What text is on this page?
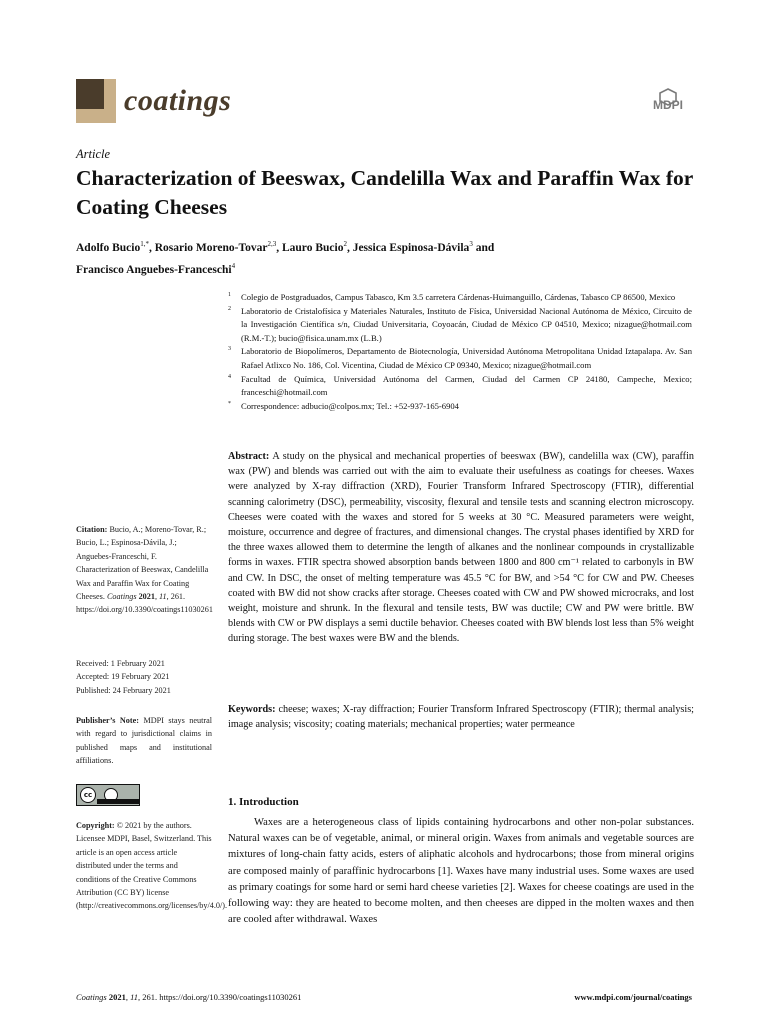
coatings	MDPI
Article
Characterization of Beeswax, Candelilla Wax and Paraffin Wax for Coating Cheeses
Adolfo Bucio$^{1,*}$, Rosario Moreno-Tovar$^{2,3}$, Lauro Bucio$^2$, Jessica Espinosa-Dávila$^3$ and
Francisco Anguebes-Franceschi$^4$
1 Colegio de Postgraduados, Campus Tabasco, Km 3.5 carretera Cárdenas-Huimanguillo, Cárdenas, Tabasco CP 86500, Mexico
2 Laboratorio de Cristalofísica y Materiales Naturales, Instituto de Física, Universidad Nacional Autónoma de México, Circuito de la Investigación Científica s/n, Ciudad Universitaria, Coyoacán, Ciudad de México CP 04510, Mexico; nizague@hotmail.com (R.M.-T.); bucio@fisica.unam.mx (L.B.)
3 Laboratorio de Biopolímeros, Departamento de Biotecnología, Universidad Autónoma Metropolitana Unidad Iztapalapa. Av. San Rafael Atlixco No. 186, Col. Vicentina, Ciudad de México CP 09340, Mexico; nizague@hotmail.com
4 Facultad de Química, Universidad Autónoma del Carmen, Ciudad del Carmen CP 24180, Campeche, Mexico; franceschi@hotmail.com
* Correspondence: adbucio@colpos.mx; Tel.: +52-937-165-6904
Abstract: A study on the physical and mechanical properties of beeswax (BW), candelilla wax (CW), paraffin wax (PW) and blends was carried out with the aim to evaluate their usefulness as coatings for cheeses. Waxes were analyzed by X-ray diffraction (XRD), Fourier Transform Infrared Spectroscopy (FTIR), differential scanning calorimetry (DSC), permeability, viscosity, flexural and tensile tests and scanning electron microscopy. Cheeses were coated with the waxes and stored for 5 weeks at 30 °C. Measured parameters were weight, moisture, occurrence and degree of fractures, and dimensional changes. The crystal phases identified by XRD for the three waxes allowed them to determine the length of alkanes and the nonlinear compounds in crystallizable forms in waxes. FTIR spectra showed absorption bands between 1800 and 800 cm⁻¹ related to carbonyls in BW and CW. In DSC, the onset of melting temperature was 45.5 °C for BW, and >54 °C for CW and PW. Cheeses coated with BW did not show cracks after storage. Cheeses coated with CW and PW showed microcraks, and lost weight, moisture and shrunk. In the flexural and tensile tests, BW was ductile; CW and PW were brittle. BW blends with CW or PW displays a semi ductile behavior. Cheeses coated with BW blends lost less than 5% weight during storage. The best waxes were BW and the blends.
Keywords: cheese; waxes; X-ray diffraction; Fourier Transform Infrared Spectroscopy (FTIR); thermal analysis; image analysis; viscosity; coating materials; mechanical properties; water permeance
Citation: Bucio, A.; Moreno-Tovar, R.; Bucio, L.; Espinosa-Dávila, J.; Anguebes-Franceschi, F. Characterization of Beeswax, Candelilla Wax and Paraffin Wax for Coating Cheeses. Coatings 2021, 11, 261. https://doi.org/10.3390/coatings11030261
Received: 1 February 2021
Accepted: 19 February 2021
Published: 24 February 2021
Publisher’s Note: MDPI stays neutral with regard to jurisdictional claims in published maps and institutional affiliations.
cc
Copyright: © 2021 by the authors. Licensee MDPI, Basel, Switzerland. This article is an open access article distributed under the terms and conditions of the Creative Commons Attribution (CC BY) license (http://creativecommons.org/licenses/by/4.0/).
1. Introduction
Waxes are a heterogeneous class of lipids containing hydrocarbons and other non-polar substances. Natural waxes can be of vegetable, animal, or mineral origin. Waxes from animals and vegetable sources are mixtures of long-chain fatty acids, esters of aliphatic alcohols and hydrocarbons; those from mineral origins are composed mainly of paraffinic hydrocarbons [1]. Waxes have many industrial uses. Some waxes are used as primary coatings for some hard or semi hard cheese varieties [2]. Waxes for cheese coatings are used in the following way: they are heated to become molten, and then cheeses are dipped in the molten waxes and then are cooled after withdrawal. Waxes
Coatings 2021, 11, 261. https://doi.org/10.3390/coatings11030261	www.mdpi.com/journal/coatings
